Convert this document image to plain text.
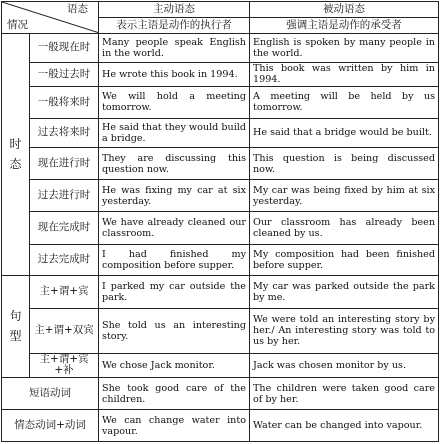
语态
情况		主动语态	被动语态
		表示主语是动作的执行者	强调主语是动作的承受者
时
态	一般现在时	Many people speak English in the world.	English is spoken by many people in the world.
	一般过去时	He wrote this book in 1994.	This book was written by him in 1994.
	一般将来时	We will hold a meeting tomorrow.	A meeting will be held by us tomorrow.
	过去将来时	He said that they would build a bridge.	He said that a bridge would be built.
	现在进行时	They are discussing this question now.	This question is being discussed now.
	过去进行时	He was fixing my car at six yesterday.	My car was being fixed by him at six yesterday.
	现在完成时	We have already cleaned our classroom.	Our classroom has already been cleaned by us.
	过去完成时	I had finished my composition before supper.	My composition had been finished before supper.
句
型	主+谓+宾	I parked my car outside the park.	My car was parked outside the park by me.
	主+谓+双宾	She told us an interesting story.	We were told an interesting story by her./ An interesting story was told to us by her.
	主+谓+宾+补	We chose Jack monitor.	Jack was chosen monitor by us.
短语动词		She took good care of the children.	The children were taken good care of by her.
情态动词+动词		We can change water into vapour.	Water can be changed into vapour.
